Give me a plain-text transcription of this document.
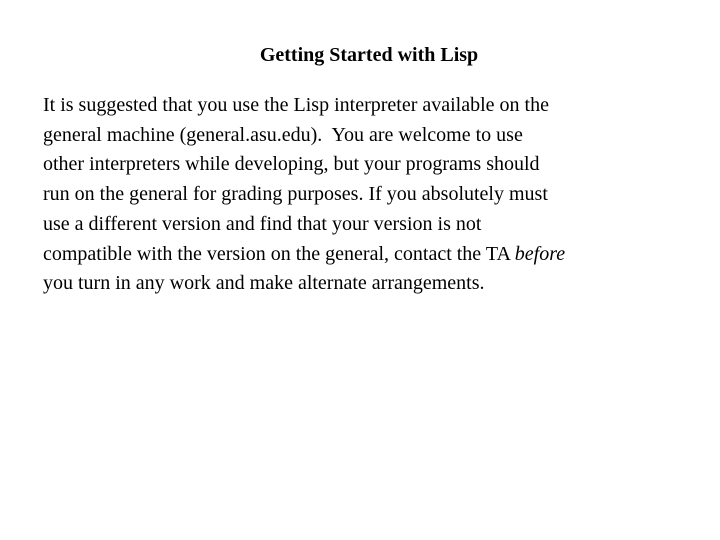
Getting Started with Lisp
It is suggested that you use the Lisp interpreter available on the
general machine (general.asu.edu).  You are welcome to use
other interpreters while developing, but your programs should
run on the general for grading purposes. If you absolutely must
use a different version and find that your version is not
compatible with the version on the general, contact the TA before
you turn in any work and make alternate arrangements.
